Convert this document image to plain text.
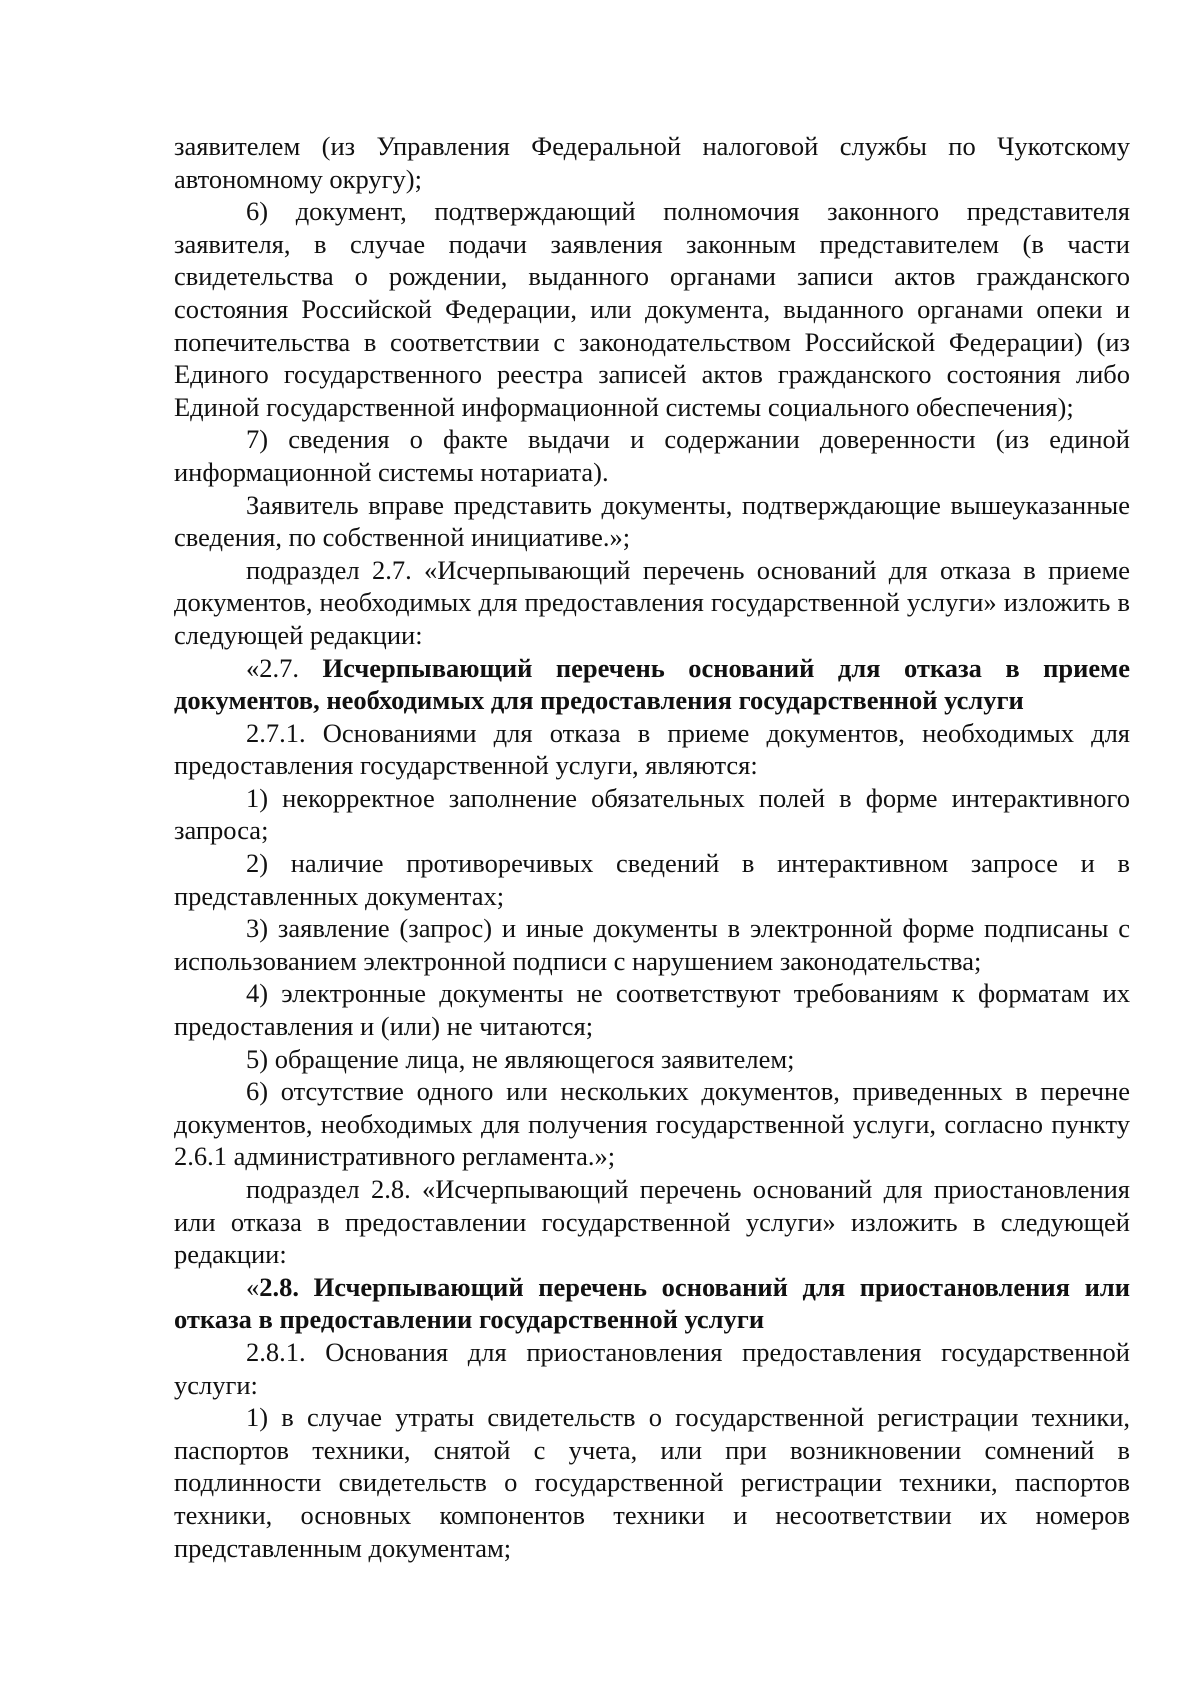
заявителем (из Управления Федеральной налоговой службы по Чукотскому автономному округу);

6) документ, подтверждающий полномочия законного представителя заявителя, в случае подачи заявления законным представителем (в части свидетельства о рождении, выданного органами записи актов гражданского состояния Российской Федерации, или документа, выданного органами опеки и попечительства в соответствии с законодательством Российской Федерации) (из Единого государственного реестра записей актов гражданского состояния либо Единой государственной информационной системы социального обеспечения);

7) сведения о факте выдачи и содержании доверенности (из единой информационной системы нотариата).

Заявитель вправе представить документы, подтверждающие вышеуказанные сведения, по собственной инициативе.»;

подраздел 2.7. «Исчерпывающий перечень оснований для отказа в приеме документов, необходимых для предоставления государственной услуги» изложить в следующей редакции:

«2.7. Исчерпывающий перечень оснований для отказа в приеме документов, необходимых для предоставления государственной услуги

2.7.1. Основаниями для отказа в приеме документов, необходимых для предоставления государственной услуги, являются:

1) некорректное заполнение обязательных полей в форме интерактивного запроса;

2) наличие противоречивых сведений в интерактивном запросе и в представленных документах;

3) заявление (запрос) и иные документы в электронной форме подписаны с использованием электронной подписи с нарушением законодательства;

4) электронные документы не соответствуют требованиям к форматам их предоставления и (или) не читаются;

5) обращение лица, не являющегося заявителем;

6) отсутствие одного или нескольких документов, приведенных в перечне документов, необходимых для получения государственной услуги, согласно пункту 2.6.1 административного регламента.»;

подраздел 2.8. «Исчерпывающий перечень оснований для приостановления или отказа в предоставлении государственной услуги» изложить в следующей редакции:

«2.8. Исчерпывающий перечень оснований для приостановления или отказа в предоставлении государственной услуги

2.8.1. Основания для приостановления предоставления государственной услуги:

1) в случае утраты свидетельств о государственной регистрации техники, паспортов техники, снятой с учета, или при возникновении сомнений в подлинности свидетельств о государственной регистрации техники, паспортов техники, основных компонентов техники и несоответствии их номеров представленным документам;
